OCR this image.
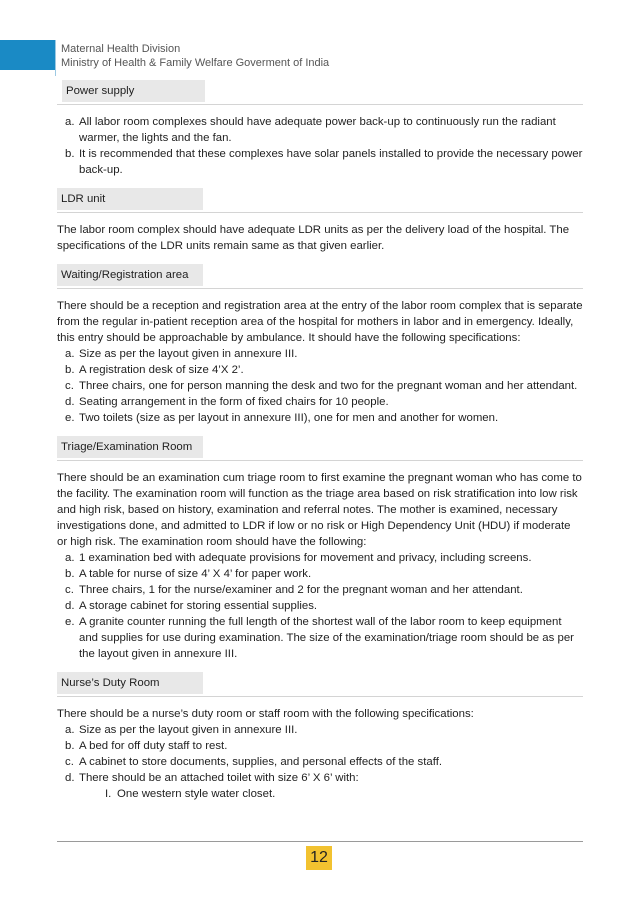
Maternal Health Division
Ministry of Health & Family Welfare Goverment of India
Power supply
a. All labor room complexes should have adequate power back-up to continuously run the radiant warmer, the lights and the fan.
b. It is recommended that these complexes have solar panels installed to provide the necessary power back-up.
LDR unit

The labor room complex should have adequate LDR units as per the delivery load of the hospital. The specifications of the LDR units remain same as that given earlier.

Waiting/Registration area

There should be a reception and registration area at the entry of the labor room complex that is separate from the regular in-patient reception area of the hospital for mothers in labor and in emergency. Ideally, this entry should be approachable by ambulance. It should have the following specifications:

a. Size as per the layout given in annexure III.
b. A registration desk of size 4’X 2’.
c. Three chairs, one for person manning the desk and two for the pregnant woman and her attendant.
d. Seating arrangement in the form of fixed chairs for 10 people.
e. Two toilets (size as per layout in annexure III), one for men and another for women.
Triage/Examination Room

There should be an examination cum triage room to first examine the pregnant woman who has come to the facility. The examination room will function as the triage area based on risk stratification into low risk and high risk, based on history, examination and referral notes. The mother is examined, necessary investigations done, and admitted to LDR if low or no risk or High Dependency Unit (HDU) if moderate or high risk. The examination room should have the following:

a. 1 examination bed with adequate provisions for movement and privacy, including screens.
b. A table for nurse of size 4’ X 4’ for paper work.
c. Three chairs, 1 for the nurse/examiner and 2 for the pregnant woman and her attendant.
d. A storage cabinet for storing essential supplies.
e. A granite counter running the full length of the shortest wall of the labor room to keep equipment and supplies for use during examination. The size of the examination/triage room should be as per the layout given in annexure III.
Nurse’s Duty Room

There should be a nurse’s duty room or staff room with the following specifications:

a. Size as per the layout given in annexure III.
b. A bed for off duty staff to rest.
c. A cabinet to store documents, supplies, and personal effects of the staff.
d. There should be an attached toilet with size 6’ X 6’ with:
I. One western style water closet.
12
